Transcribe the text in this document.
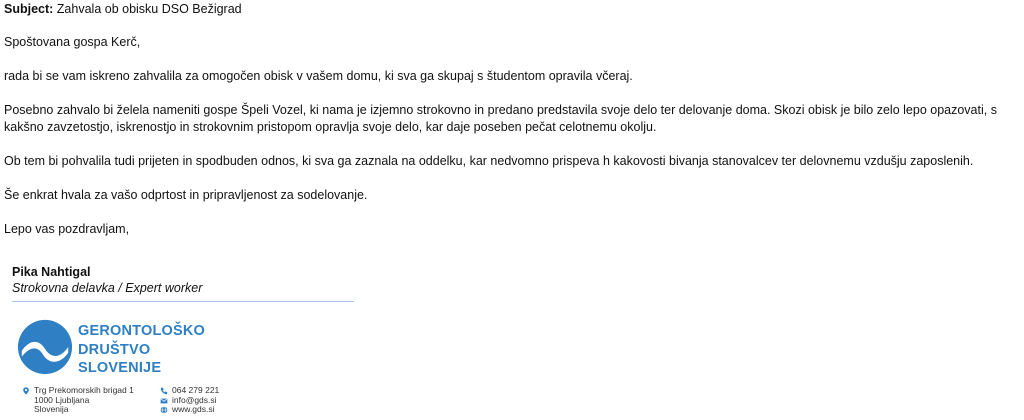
Subject: Zahvala ob obisku DSO Bežigrad

Spoštovana gospa Kerč,

rada bi se vam iskreno zahvalila za omogočen obisk v vašem domu, ki sva ga skupaj s študentom opravila včeraj.

Posebno zahvalo bi želela nameniti gospe Špeli Vozel, ki nama je izjemno strokovno in predano predstavila svoje delo ter delovanje doma. Skozi obisk je bilo zelo lepo opazovati, s kakšno zavzetostjo, iskrenostjo in strokovnim pristopom opravlja svoje delo, kar daje poseben pečat celotnemu okolju.

Ob tem bi pohvalila tudi prijeten in spodbuden odnos, ki sva ga zaznala na oddelku, kar nedvomno prispeva h kakovosti bivanja stanovalcev ter delovnemu vzdušju zaposlenih.

Še enkrat hvala za vašo odprtost in pripravljenost za sodelovanje.

Lepo vas pozdravljam,

Pika Nahtigal

Strokovna delavka / Expert worker

GERONTOLOŠKO
DRUŠTVO
SLOVENIJE
Trg Prekomorskih brigad 1
1000 Ljubljana
Slovenija
064 279 221
info@gds.si
www.gds.si
